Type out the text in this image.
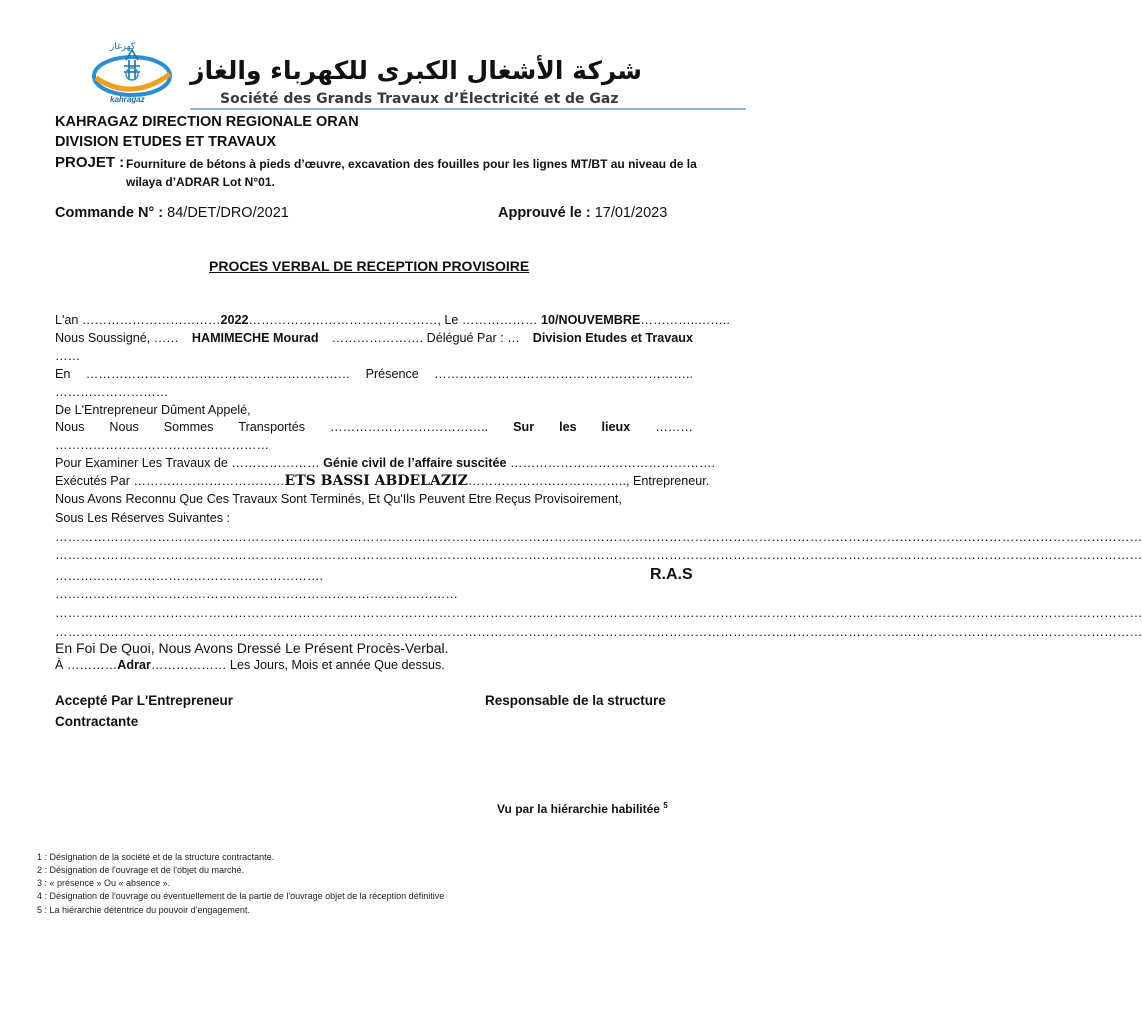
كهرغاز
kahragaz
شركة الأشغال الكبرى للكهرباء والغاز
Société des Grands Travaux d’Électricité et de Gaz
KAHRAGAZ DIRECTION REGIONALE ORAN
DIVISION ETUDES ET TRAVAUX
PROJET : Fourniture de bétons à pieds d’œuvre, excavation des fouilles pour les lignes MT/BT au niveau de la
wilaya d’ADRAR Lot N°01.
Commande N° : 84/DET/DRO/2021	Approuvé le : 17/01/2023
PROCES VERBAL DE RECEPTION PROVISOIRE
L'an ……………………………2022………………………………………, Le ……………… 10/NOUVEMBRE…………..……..
Nous Soussigné, …… HAMIMECHE Mourad …………………. Délégué Par : … Division Etudes et Travaux
……
En ……………………………………………………… Présence ……………………………………………………..
………………………
De L'Entrepreneur Dûment Appelé,
Nous Nous Sommes Transportés ……………………………….. Sur les lieux ………
……………………………………………
Pour Examiner Les Travaux de ………………… Génie civil de l’affaire suscitée ………………………………………….
Exécutés Par ………………………………ETS BASSI ABDELAZIZ……………………………….., Entrepreneur.
Nous Avons Reconnu Que Ces Travaux Sont Terminés, Et Qu'Ils Peuvent Etre Reçus Provisoirement,
Sous Les Réserves Suivantes :
…………………………………………………………………………………………………………………………………………………………………………………………………………………………………
…………………………………………………………………………………………………………………………………………………………………………………………………………………………………
……………………………………………………….	R.A.S
……………………………………………………………………………………
…………………………………………………………………………………………………………………………………………………………………………………………………………………………………
…………………………………………………………………………………………………………………………………………………………………………………………………………………………………
En Foi De Quoi, Nous Avons Dressé Le Présent Procès-Verbal.
À …………Adrar……………… Les Jours, Mois et année Que dessus.
Accepté Par L'Entrepreneur
Contractante
Responsable de la structure
Vu par la hiérarchie habilitée $^5$
1 : Désignation de la société et de la structure contractante.
2 : Désignation de l'ouvrage et de l'objet du marché.
3 : « présence » Ou « absence ».
4 : Désignation de l'ouvrage ou éventuellement de la partie de l'ouvrage objet de la réception définitive
5 : La hiérarchie détentrice du pouvoir d'engagement.
